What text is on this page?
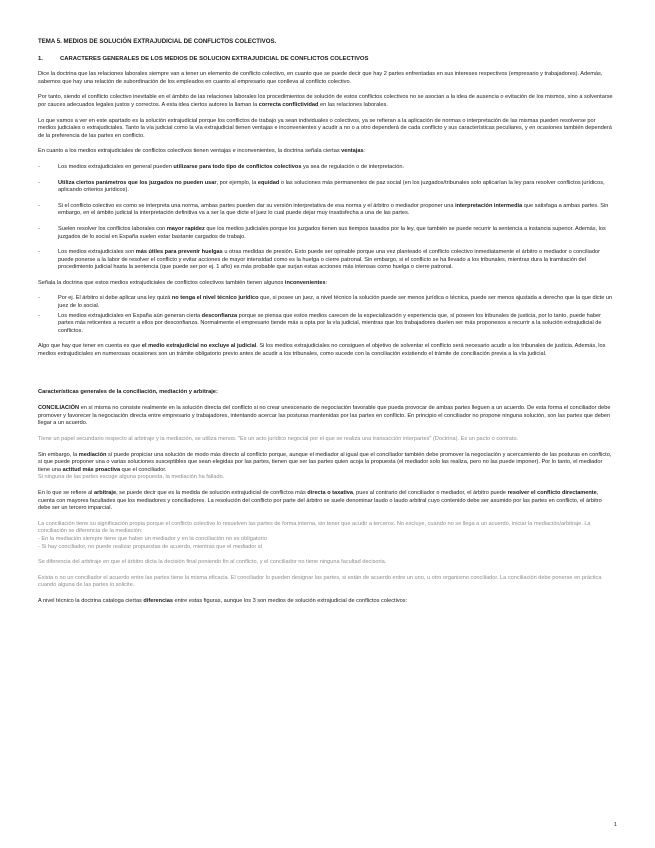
TEMA 5. MEDIOS DE SOLUCIÓN EXTRAJUDICIAL DE CONFLICTOS COLECTIVOS.

1.	CARACTERES GENERALES DE LOS MEDIOS DE SOLUCION EXTRAJUDICIAL DE CONFLICTOS COLECTIVOS

Dice la doctrina que las relaciones laborales siempre van a tener un elemento de conflicto colectivo, en cuanto que se puede decir que hay 2 partes enfrentadas en sus intereses respectivos (empresario y trabajadores). Además, sabemos que hay una relación de subordinación de los empleados en cuanto al empresario que conlleva al conflicto colectivo.

Por tanto, siendo el conflicto colectivo inevitable en el ámbito de las relaciones laborales los procedimientos de solución de estos conflictos colectivos no se asocian a la idea de ausencia o evitación de los mismos, sino a solventarse por cauces adecuados legales justos y correctos. A esta idea ciertos autores la llaman la correcta conflictividad en las relaciones laborales.

Lo que vamos a ver en este apartado es la solución extrajudicial porque los conflictos de trabajo ya sean individuales o colectivos, ya se refieran a la aplicación de normas o interpretación de las mismas pueden resolverse por medios judiciales o extrajudiciales. Tanto la vía judicial como la vía extrajudicial tienen ventajas e inconvenientes y acudir a no o a otro dependerá de cada conflicto y sus características peculiares, y en ocasiones también dependerá de la preferencia de las partes en conflicto.

En cuanto a los medios extrajudiciales de conflictos colectivos tienen ventajas e inconvenientes, la doctrina señala ciertas ventajas:

-	Los medios extrajudiciales en general pueden utilizarse para todo tipo de conflictos colectivos ya sea de regulación o de interpretación.

-	Utiliza ciertos parámetros que los juzgados no pueden usar, por ejemplo, la equidad o las soluciones más permanentes de paz social (en los juzgados/tribunales solo aplicarían la ley para resolver conflictos jurídicos, aplicando criterios jurídicos).

-	Si el conflicto colectivo es como se interpreta una norma, ambas partes pueden dar su versión interpretativa de esa norma y el árbitro o mediador proponer una interpretación intermedia que satisfaga a ambas partes. Sin embargo, en el ámbito judicial la interpretación definitiva va a ser la que dicte el juez lo cual puede dejar muy insatisfecha a una de las partes.

-	Suelen resolver los conflictos laborales con mayor rapidez que los medios judiciales porque los juzgados tienen sus tiempos tasados por la ley, que también se puede recurrir la sentencia a instancia superior. Además, los juzgados de lo social en España suelen estar bastante cargados de trabajo.

-	Los medios extrajudiciales son más útiles para prevenir huelgas u otras medidas de presión. Esto puede ser opinable porque una vez planteado el conflicto colectivo inmediatamente el árbitro o mediador o conciliador puede ponerse a la labor de resolver el conflicto y evitar acciones de mayor intensidad como es la huelga o cierre patronal. Sin embargo, si el conflicto se ha llevado a los tribunales, mientras dura la tramitación del procedimiento judicial hasta la sentencia (que puede ser por ej. 1 año) es más probable que surjan estas acciones más intensas como huelga o cierre patronal.

Señala la doctrina que estos medios extrajudiciales de conflictos colectivos también tienen algunos inconvenientes:

-	Por ej. El árbitro si debe aplicar una ley quizá no tenga el nivel técnico jurídico que, si posee un juez, a nivel técnico la solución puede ser menos jurídica o técnica, puede ser menos ajustada a derecho que la que dicte un juez de lo social.

-	Los medios extrajudiciales en España aún generan cierta desconfianza porque se piensa que estos medios carecen de la especialización y experiencia que, sí poseen los tribunales de justicia, por lo tanto, puede haber partes más reticentes a recurrir a ellos por desconfianza. Normalmente el empresario tiende más a opta por la vía judicial, mientras que los trabajadores duelen ser más proponesos a recurrir a la solución extrajudicial de conflictos.

Algo que hay que tener en cuenta es que el medio extrajudicial no excluye al judicial. Si los medios extrajudiciales no consiguen el objetivo de solventar el conflicto será necesario acudir a los tribunales de justicia. Además, los medios extrajudiciales en numerosas ocasiones son un trámite obligatorio previo antes de acudir a los tribunales, como sucede con la conciliación existiendo el trámite de conciliación previa a la vía judicial.

Características generales de la conciliación, mediación y arbitraje:

CONCILIACIÓN en sí misma no consiste realmente en la solución directa del conflicto si no crear unescenario de negociación favorable que pueda provocar de ambas partes lleguen a un acuerdo. De esta forma el conciliador debe promover y favorecer la negociación directa entre empresario y trabajadores, intentando acercar las posturas mantenidas por las partes en conflicto. En principio el conciliador no propone ninguna solución, son las partes que deben llegar a un acuerdo.

Tiene un papel secundario respecto al arbitraje y la mediación, se utiliza menos. "Es un acto jurídico negocial por el que se realiza una transacción interpartes" (Doctrina). Es un pacto o contrato.

Sin embargo, la mediación sí puede propiciar una solución de modo más directo al conflicto porque, aunque el mediador al igual que el conciliador también debe promover la negociación y acercamiento de las posturas en conflicto, si que puede proponer una o varias soluciones susceptibles que sean elegidas por las partes, tienen que ser las partes quien acoja la propuesta (el mediador solo las realiza, pero no las puede imponer). Por lo tanto, el mediador tiene una actitud más proactiva que el conciliador.

Si ninguna de las partes escoge alguna propuesta, la mediación ha fallado.

En lo que se refiere al arbitraje, se puede decir que es la medida de solución extrajudicial de conflictos más directa o taxativa, pues al contrario del conciliador o mediador, el árbitro puede resolver el conflicto directamente, cuenta con mayores facultades que los mediadores y conciliadores. La resolución del conflicto por parte del árbitro se suele denominar laudo o laudo arbitral cuyo contenido debe ser asumido por las partes en conflicto, el árbitro debe ser un tercero imparcial.

La conciliación tiene su significación propia porque el conflicto colectivo lo resuelven las partes de forma interna, sin tener que acudir a terceros. No excluye, cuando no se llega a un acuerdo, iniciar la mediación/arbitraje. La conciliación se diferencia de la mediación:

- En la mediación siempre tiene que haber un mediador y en la conciliación no es obligatorio

- Si hay conciliador, no puede realizar propuestas de acuerdo, mientras que el mediador sí

Se diferencia del arbitraje en que el árbitro dicta la decisión final poniendo fin al conflicto, y el conciliador no tiene ninguna facultad decisoria.

Exista o no un conciliador el acuerdo entre las partes tiene la misma eficacia. El conciliador lo pueden designar las partes, si están de acuerdo entre un uno, u otro organismo conciliador. La conciliación debe ponerse en práctica cuando alguna de las partes lo solicite.

A nivel técnico la doctrina cataloga ciertas diferencias entre estas figuras, aunque los 3 son medios de solución extrajudicial de conflictos colectivos:

1
